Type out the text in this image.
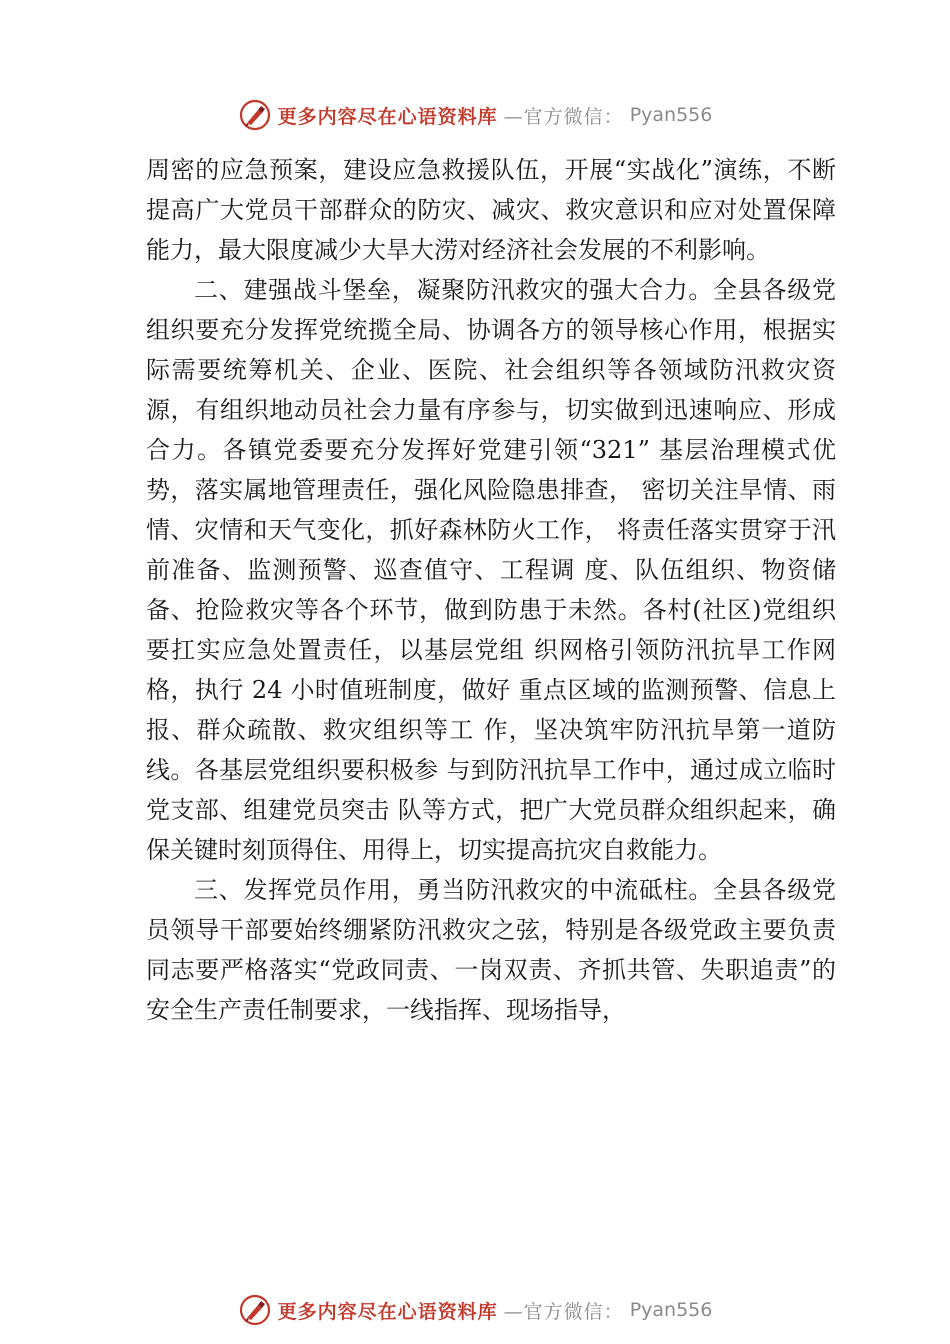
更多内容尽在心语资料库 —官方微信： Pyan556

周密的应急预案，建设应急救援队伍，开展“实战化”演练，不断提高广大党员干部群众的防灾、减灾、救灾意识和应对处置保障能力，最大限度减少大旱大涝对经济社会发展的不利影响。

二、建强战斗堡垒，凝聚防汛救灾的强大合力。全县各级党组织要充分发挥党统揽全局、协调各方的领导核心作用，根据实际需要统筹机关、企业、医院、社会组织等各领域防汛救灾资源，有组织地动员社会力量有序参与，切实做到迅速响应、形成合力。各镇党委要充分发挥好党建引领“321” 基层治理模式优势，落实属地管理责任，强化风险隐患排查， 密切关注旱情、雨情、灾情和天气变化，抓好森林防火工作， 将责任落实贯穿于汛前准备、监测预警、巡查值守、工程调 度、队伍组织、物资储备、抢险救灾等各个环节，做到防患于未然。各村(社区)党组织要扛实应急处置责任，以基层党组 织网格引领防汛抗旱工作网格，执行 24 小时值班制度，做好 重点区域的监测预警、信息上报、群众疏散、救灾组织等工 作，坚决筑牢防汛抗旱第一道防线。各基层党组织要积极参 与到防汛抗旱工作中，通过成立临时党支部、组建党员突击 队等方式，把广大党员群众组织起来，确保关键时刻顶得住、用得上，切实提高抗灾自救能力。

三、发挥党员作用，勇当防汛救灾的中流砥柱。全县各级党员领导干部要始终绷紧防汛救灾之弦，特别是各级党政主要负责同志要严格落实“党政同责、一岗双责、齐抓共管、失职追责”的安全生产责任制要求，一线指挥、现场指导，

更多内容尽在心语资料库 —官方微信： Pyan556
